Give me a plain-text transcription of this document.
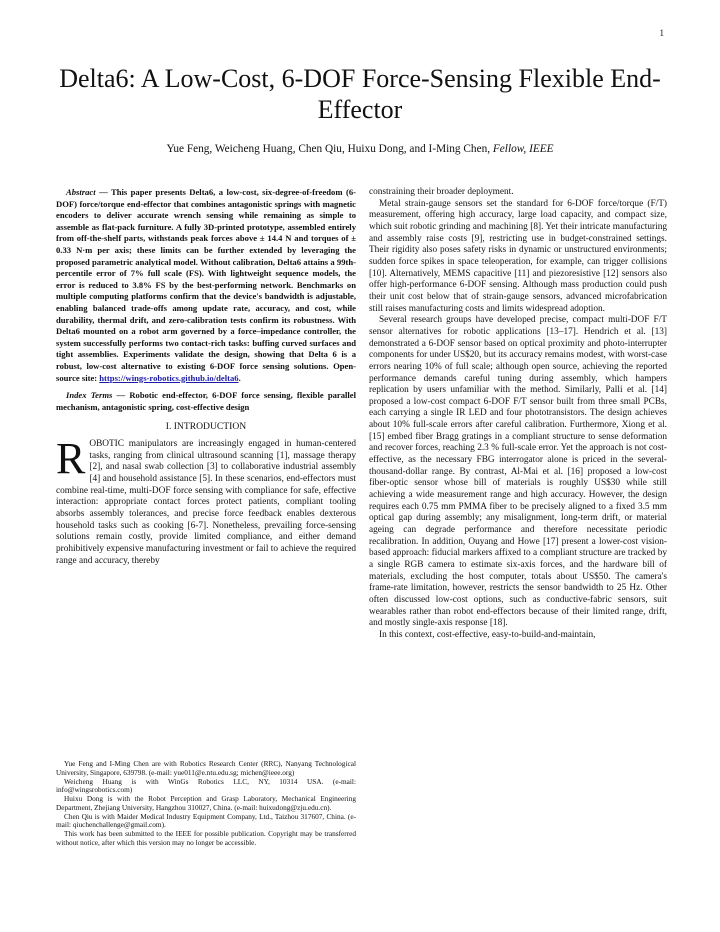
1
Delta6: A Low-Cost, 6-DOF Force-Sensing Flexible End-Effector
Yue Feng, Weicheng Huang, Chen Qiu, Huixu Dong, and I-Ming Chen, Fellow, IEEE

Abstract — This paper presents Delta6, a low-cost, six-degree-of-freedom (6-DOF) force/torque end-effector that combines antagonistic springs with magnetic encoders to deliver accurate wrench sensing while remaining as simple to assemble as flat-pack furniture. A fully 3D-printed prototype, assembled entirely from off-the-shelf parts, withstands peak forces above ± 14.4 N and torques of ± 0.33 N·m per axis; these limits can be further extended by leveraging the proposed parametric analytical model. Without calibration, Delta6 attains a 99th-percentile error of 7% full scale (FS). With lightweight sequence models, the error is reduced to 3.8% FS by the best-performing network. Benchmarks on multiple computing platforms confirm that the device's bandwidth is adjustable, enabling balanced trade-offs among update rate, accuracy, and cost, while durability, thermal drift, and zero-calibration tests confirm its robustness. With Delta6 mounted on a robot arm governed by a force–impedance controller, the system successfully performs two contact-rich tasks: buffing curved surfaces and tight assemblies. Experiments validate the design, showing that Delta 6 is a robust, low-cost alternative to existing 6-DOF force sensing solutions. Open-source site: https://wings-robotics.github.io/delta6.

Index Terms — Robotic end-effector, 6-DOF force sensing, flexible parallel mechanism, antagonistic spring, cost-effective design

I. INTRODUCTION

ROBOTIC manipulators are increasingly engaged in human-centered tasks, ranging from clinical ultrasound scanning [1], massage therapy [2], and nasal swab collection [3] to collaborative industrial assembly [4] and household assistance [5]. In these scenarios, end-effectors must combine real-time, multi-DOF force sensing with compliance for safe, effective interaction: appropriate contact forces protect patients, compliant tooling absorbs assembly tolerances, and precise force feedback enables dexterous household tasks such as cooking [6-7]. Nonetheless, prevailing force-sensing solutions remain costly, provide limited compliance, and either demand prohibitively expensive manufacturing investment or fail to achieve the required range and accuracy, thereby

Yue Feng and I-Ming Chen are with Robotics Research Center (RRC), Nanyang Technological University, Singapore, 639798. (e-mail: yue011@e.ntu.edu.sg; michen@ieee.org)

Weicheng Huang is with WinGs Robotics LLC, NY, 10314 USA. (e-mail: info@wingsrobotics.com)

Huixu Dong is with the Robot Perception and Grasp Laboratory, Mechanical Engineering Department, Zhejiang University, Hangzhou 310027, China. (e-mail: huixudong@zju.edu.cn).

Chen Qiu is with Maider Medical Industry Equipment Company, Ltd., Taizhou 317607, China. (e-mail: qiuchenchallenge@gmail.com).

This work has been submitted to the IEEE for possible publication. Copyright may be transferred without notice, after which this version may no longer be accessible.

constraining their broader deployment.

Metal strain-gauge sensors set the standard for 6-DOF force/torque (F/T) measurement, offering high accuracy, large load capacity, and compact size, which suit robotic grinding and machining [8]. Yet their intricate manufacturing and assembly raise costs [9], restricting use in budget-constrained settings. Their rigidity also poses safety risks in dynamic or unstructured environments; sudden force spikes in space teleoperation, for example, can trigger collisions [10]. Alternatively, MEMS capacitive [11] and piezoresistive [12] sensors also offer high-performance 6-DOF sensing. Although mass production could push their unit cost below that of strain-gauge sensors, advanced microfabrication still raises manufacturing costs and limits widespread adoption.

Several research groups have developed precise, compact multi-DOF F/T sensor alternatives for robotic applications [13–17]. Hendrich et al. [13] demonstrated a 6-DOF sensor based on optical proximity and photo-interrupter components for under US$20, but its accuracy remains modest, with worst-case errors nearing 10% of full scale; although open source, achieving the reported performance demands careful tuning during assembly, which hampers replication by users unfamiliar with the method. Similarly, Palli et al. [14] proposed a low-cost compact 6-DOF F/T sensor built from three small PCBs, each carrying a single IR LED and four phototransistors. The design achieves about 10% full-scale errors after careful calibration. Furthermore, Xiong et al. [15] embed fiber Bragg gratings in a compliant structure to sense deformation and recover forces, reaching 2.3 % full-scale error. Yet the approach is not cost-effective, as the necessary FBG interrogator alone is priced in the several-thousand-dollar range. By contrast, Al-Mai et al. [16] proposed a low-cost fiber-optic sensor whose bill of materials is roughly US$30 while still achieving a wide measurement range and high accuracy. However, the design requires each 0.75 mm PMMA fiber to be precisely aligned to a fixed 3.5 mm optical gap during assembly; any misalignment, long-term drift, or material ageing can degrade performance and therefore necessitate periodic recalibration. In addition, Ouyang and Howe [17] present a lower-cost vision-based approach: fiducial markers affixed to a compliant structure are tracked by a single RGB camera to estimate six-axis forces, and the hardware bill of materials, excluding the host computer, totals about US$50. The camera's frame-rate limitation, however, restricts the sensor bandwidth to 25 Hz. Other often discussed low-cost options, such as conductive-fabric sensors, suit wearables rather than robot end-effectors because of their limited range, drift, and mostly single-axis response [18].

In this context, cost-effective, easy-to-build-and-maintain,
